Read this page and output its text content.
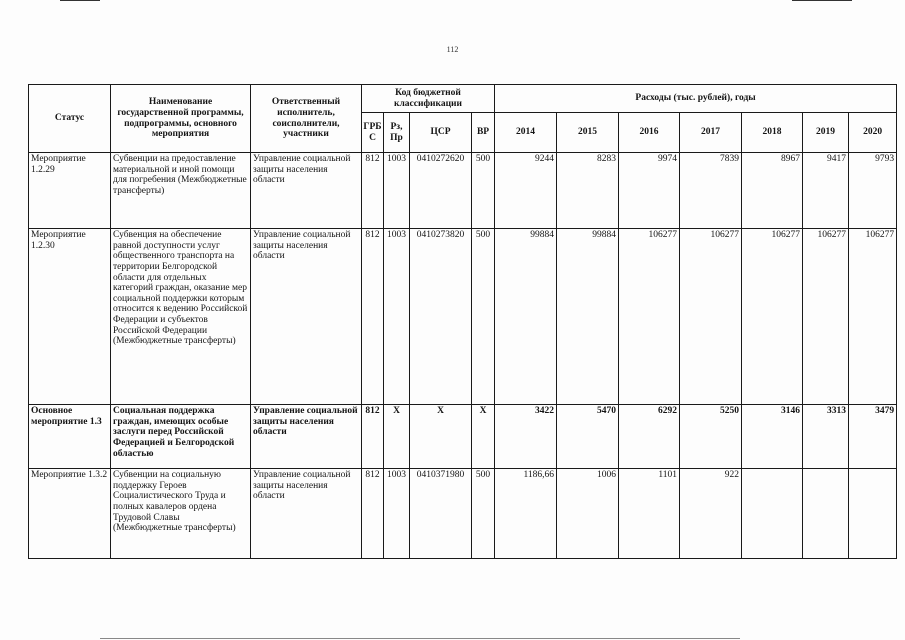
112
Статус	Наименование государственной программы, подпрограммы, основного мероприятия	Ответственный исполнитель, соисполнители, участники	Код бюджетной классификации				Расходы (тыс. рублей), годы						
			ГРБС	Рз, Пр	ЦСР	ВР	2014	2015	2016	2017	2018	2019	2020
Мероприятие 1.2.29	Субвенции на предоставление материальной и иной помощи для погребения (Межбюджетные трансферты)	Управление социальной защиты населения области	812	1003	0410272620	500	9244	8283	9974	7839	8967	9417	9793
Мероприятие 1.2.30	Субвенция на обеспечение равной доступности услуг общественного транспорта на территории Белгородской области для отдельных категорий граждан, оказание мер социальной поддержки которым относится к ведению Российской Федерации и субъектов Российской Федерации (Межбюджетные трансферты)	Управление социальной защиты населения области	812	1003	0410273820	500	99884	99884	106277	106277	106277	106277	106277
Основное мероприятие 1.3	Социальная поддержка граждан, имеющих особые заслуги перед Российской Федерацией и Белгородской областью	Управление социальной защиты населения области	812	Х	Х	Х	3422	5470	6292	5250	3146	3313	3479
Мероприятие 1.3.2	Субвенции на социальную поддержку Героев Социалистического Труда и полных кавалеров ордена Трудовой Славы (Межбюджетные трансферты)	Управление социальной защиты населения области	812	1003	0410371980	500	1186,66	1006	1101	922			
